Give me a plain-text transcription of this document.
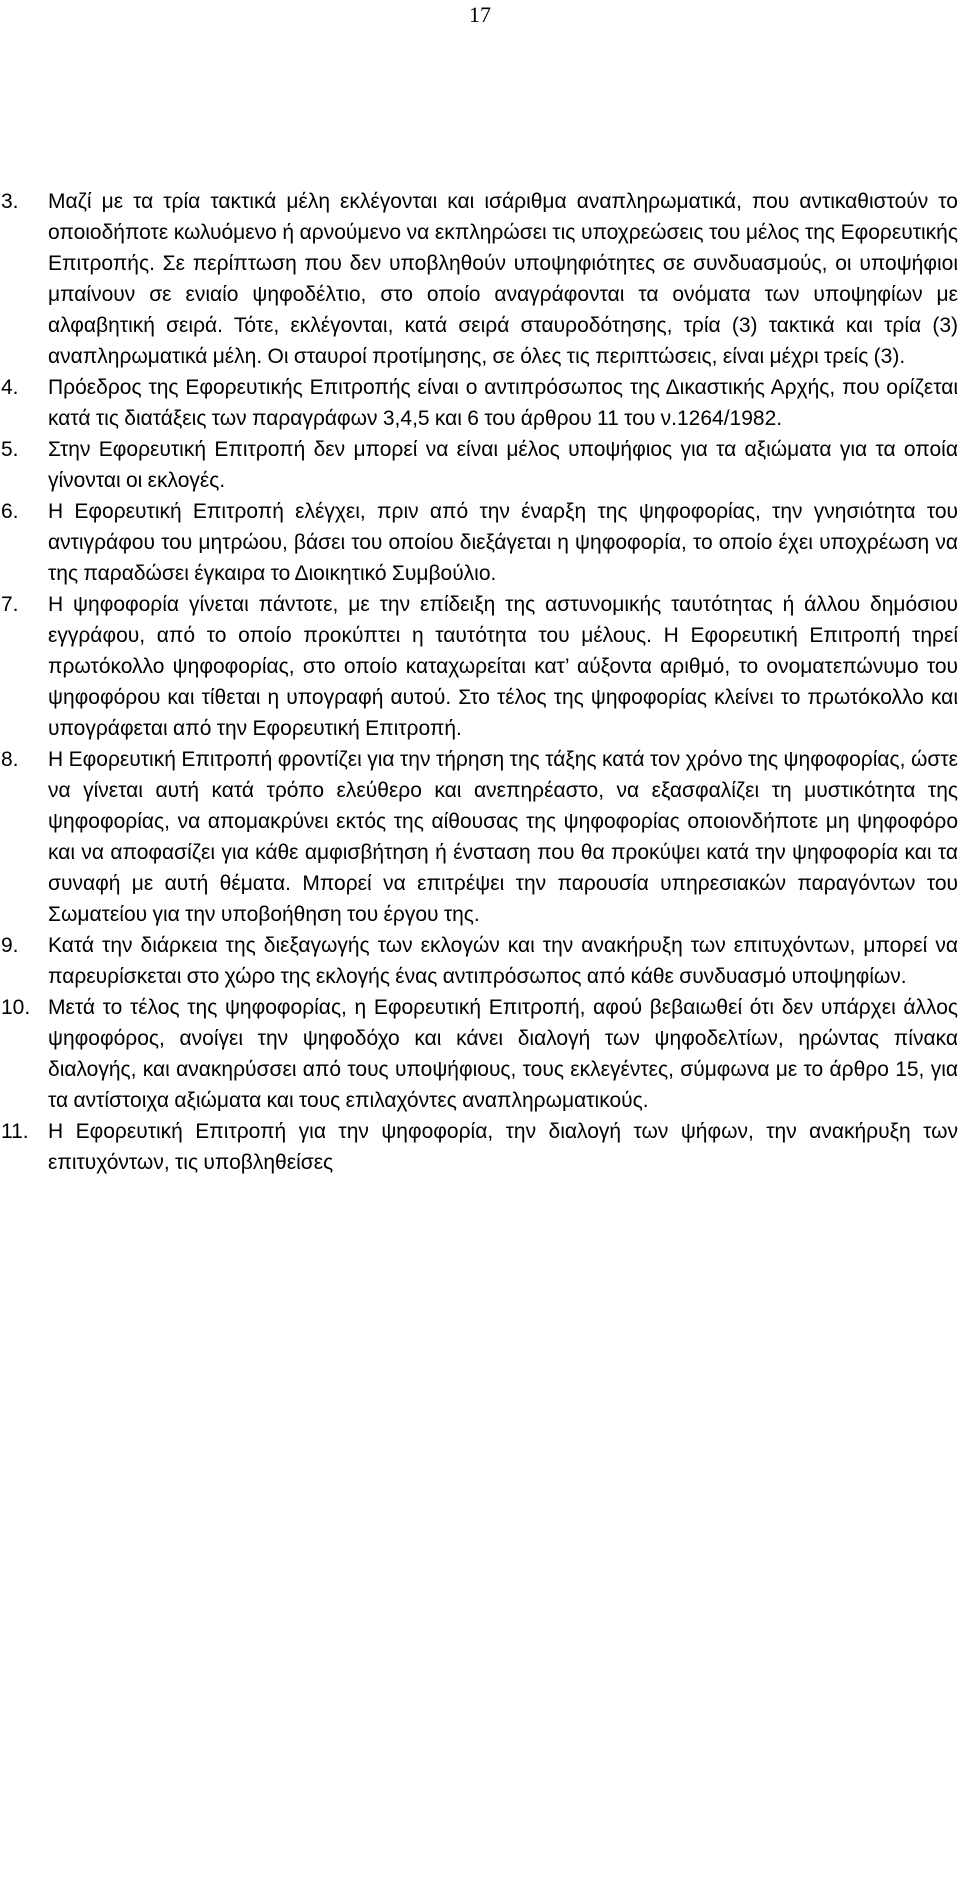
17
3.	Μαζί με τα τρία τακτικά μέλη εκλέγονται και ισάριθμα αναπληρωματικά, που αντικαθιστούν το οποιοδήποτε κωλυόμενο ή αρνούμενο να εκπληρώσει τις υποχρεώσεις του μέλος της Εφορευτικής Επιτροπής. Σε περίπτωση που δεν υποβληθούν υποψηφιότητες σε συνδυασμούς, οι υποψήφιοι μπαίνουν σε ενιαίο ψηφοδέλτιο, στο οποίο αναγράφονται τα ονόματα των υποψηφίων με αλφαβητική σειρά. Τότε, εκλέγονται, κατά σειρά σταυροδότησης, τρία (3) τακτικά και τρία (3) αναπληρωματικά μέλη. Οι σταυροί προτίμησης, σε όλες τις περιπτώσεις, είναι μέχρι τρείς (3).
4.	Πρόεδρος της Εφορευτικής Επιτροπής είναι ο αντιπρόσωπος της Δικαστικής Αρχής, που ορίζεται κατά τις διατάξεις των παραγράφων 3,4,5 και 6 του άρθρου 11 του ν.1264/1982.
5.	Στην Εφορευτική Επιτροπή δεν μπορεί να είναι μέλος υποψήφιος για τα αξιώματα για τα οποία γίνονται οι εκλογές.
6.	Η Εφορευτική Επιτροπή ελέγχει, πριν από την έναρξη της ψηφοφορίας, την γνησιότητα του αντιγράφου του μητρώου, βάσει του οποίου διεξάγεται η ψηφοφορία, το οποίο έχει υποχρέωση να της παραδώσει έγκαιρα το Διοικητικό Συμβούλιο.
7.	Η ψηφοφορία γίνεται πάντοτε, με την επίδειξη της αστυνομικής ταυτότητας ή άλλου δημόσιου εγγράφου, από το οποίο προκύπτει η ταυτότητα του μέλους. Η Εφορευτική Επιτροπή τηρεί πρωτόκολλο ψηφοφορίας, στο οποίο καταχωρείται κατ’ αύξοντα αριθμό, το ονοματεπώνυμο του ψηφοφόρου και τίθεται η υπογραφή αυτού. Στο τέλος της ψηφοφορίας κλείνει το πρωτόκολλο και υπογράφεται από την Εφορευτική Επιτροπή.
8.	Η Εφορευτική Επιτροπή φροντίζει για την τήρηση της τάξης κατά τον χρόνο της ψηφοφορίας, ώστε να γίνεται αυτή κατά τρόπο ελεύθερο και ανεπηρέαστο, να εξασφαλίζει τη μυστικότητα της ψηφοφορίας, να απομακρύνει εκτός της αίθουσας της ψηφοφορίας οποιονδήποτε μη ψηφοφόρο και να αποφασίζει για κάθε αμφισβήτηση ή ένσταση που θα προκύψει κατά την ψηφοφορία και τα συναφή με αυτή θέματα. Μπορεί να επιτρέψει την παρουσία υπηρεσιακών παραγόντων του Σωματείου για την υποβοήθηση του έργου της.
9.	Κατά την διάρκεια της διεξαγωγής των εκλογών και την ανακήρυξη των επιτυχόντων, μπορεί να παρευρίσκεται στο χώρο της εκλογής ένας αντιπρόσωπος από κάθε συνδυασμό υποψηφίων.
10. Μετά το τέλος της ψηφοφορίας, η Εφορευτική Επιτροπή, αφού βεβαιωθεί ότι δεν υπάρχει άλλος ψηφοφόρος, ανοίγει την ψηφοδόχο και κάνει διαλογή των ψηφοδελτίων, ηρώντας πίνακα διαλογής, και ανακηρύσσει από τους υποψήφιους, τους εκλεγέντες, σύμφωνα με το άρθρο 15, για τα αντίστοιχα αξιώματα και τους επιλαχόντες αναπληρωματικούς.
11. Η Εφορευτική Επιτροπή για την ψηφοφορία, την διαλογή των ψήφων, την ανακήρυξη των επιτυχόντων, τις υποβληθείσες
